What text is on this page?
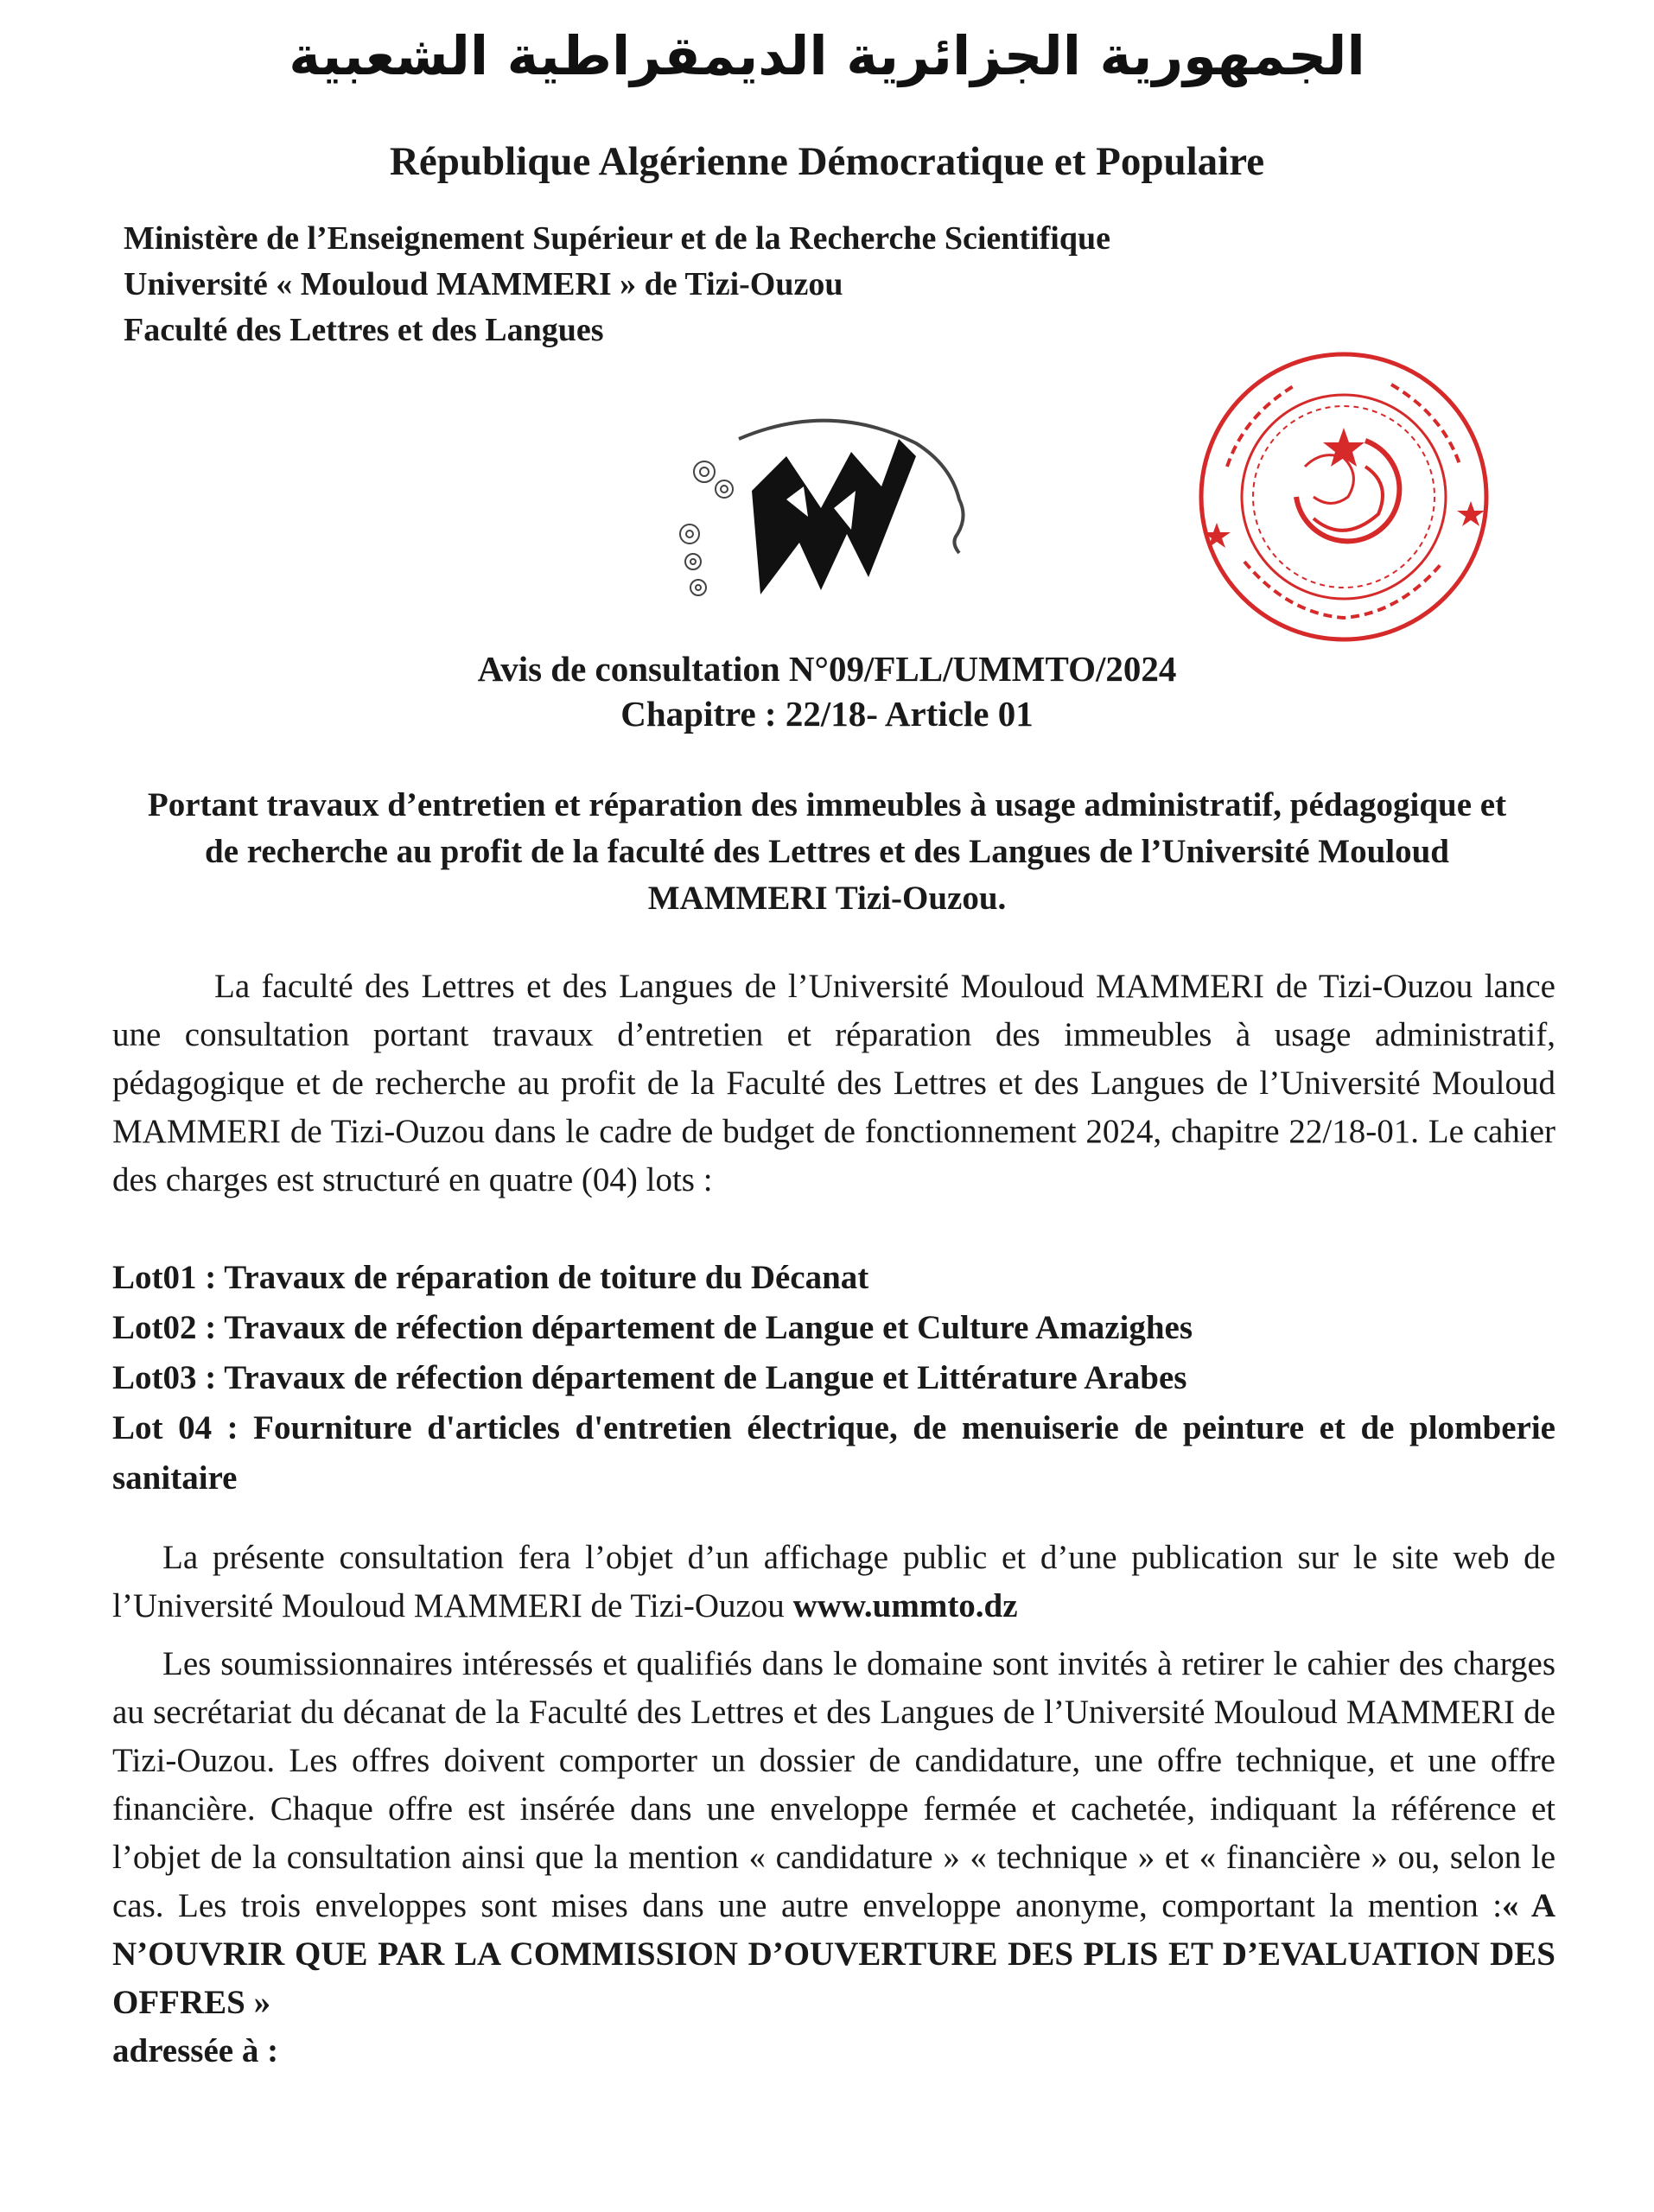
الجمهورية الجزائرية الديمقراطية الشعبية
République Algérienne Démocratique et Populaire
Ministère de l’Enseignement Supérieur et de la Recherche Scientifique
Université « Mouloud MAMMERI » de Tizi-Ouzou
Faculté des Lettres et des Langues
Avis de consultation N°09/FLL/UMMTO/2024
Chapitre : 22/18- Article 01
Portant travaux d’entretien et réparation des immeubles à usage administratif, pédagogique et de recherche au profit de la faculté des Lettres et des Langues de l’Université Mouloud MAMMERI Tizi-Ouzou.
La faculté des Lettres et des Langues de l’Université Mouloud MAMMERI de Tizi-Ouzou lance une consultation portant travaux d’entretien et réparation des immeubles à usage administratif, pédagogique et de recherche au profit de la Faculté des Lettres et des Langues de l’Université Mouloud MAMMERI de Tizi-Ouzou dans le cadre de budget de fonctionnement 2024, chapitre 22/18-01. Le cahier des charges est structuré en quatre (04) lots :
Lot01 : Travaux de réparation de toiture du Décanat
Lot02 : Travaux de réfection département de Langue et Culture Amazighes
Lot03 : Travaux de réfection département de Langue et Littérature Arabes
Lot 04 : Fourniture d'articles d'entretien électrique, de menuiserie de peinture et de plomberie sanitaire
La présente consultation fera l’objet d’un affichage public et d’une publication sur le site web de l’Université Mouloud MAMMERI de Tizi-Ouzou www.ummto.dz
Les soumissionnaires intéressés et qualifiés dans le domaine sont invités à retirer le cahier des charges au secrétariat du décanat de la Faculté des Lettres et des Langues de l’Université Mouloud MAMMERI de Tizi-Ouzou. Les offres doivent comporter un dossier de candidature, une offre technique, et une offre financière. Chaque offre est insérée dans une enveloppe fermée et cachetée, indiquant la référence et l’objet de la consultation ainsi que la mention « candidature » « technique » et « financière » ou, selon le cas. Les trois enveloppes sont mises dans une autre enveloppe anonyme, comportant la mention :« A N’OUVRIR QUE PAR LA COMMISSION D’OUVERTURE DES PLIS ET D’EVALUATION DES OFFRES »
adressée à :
